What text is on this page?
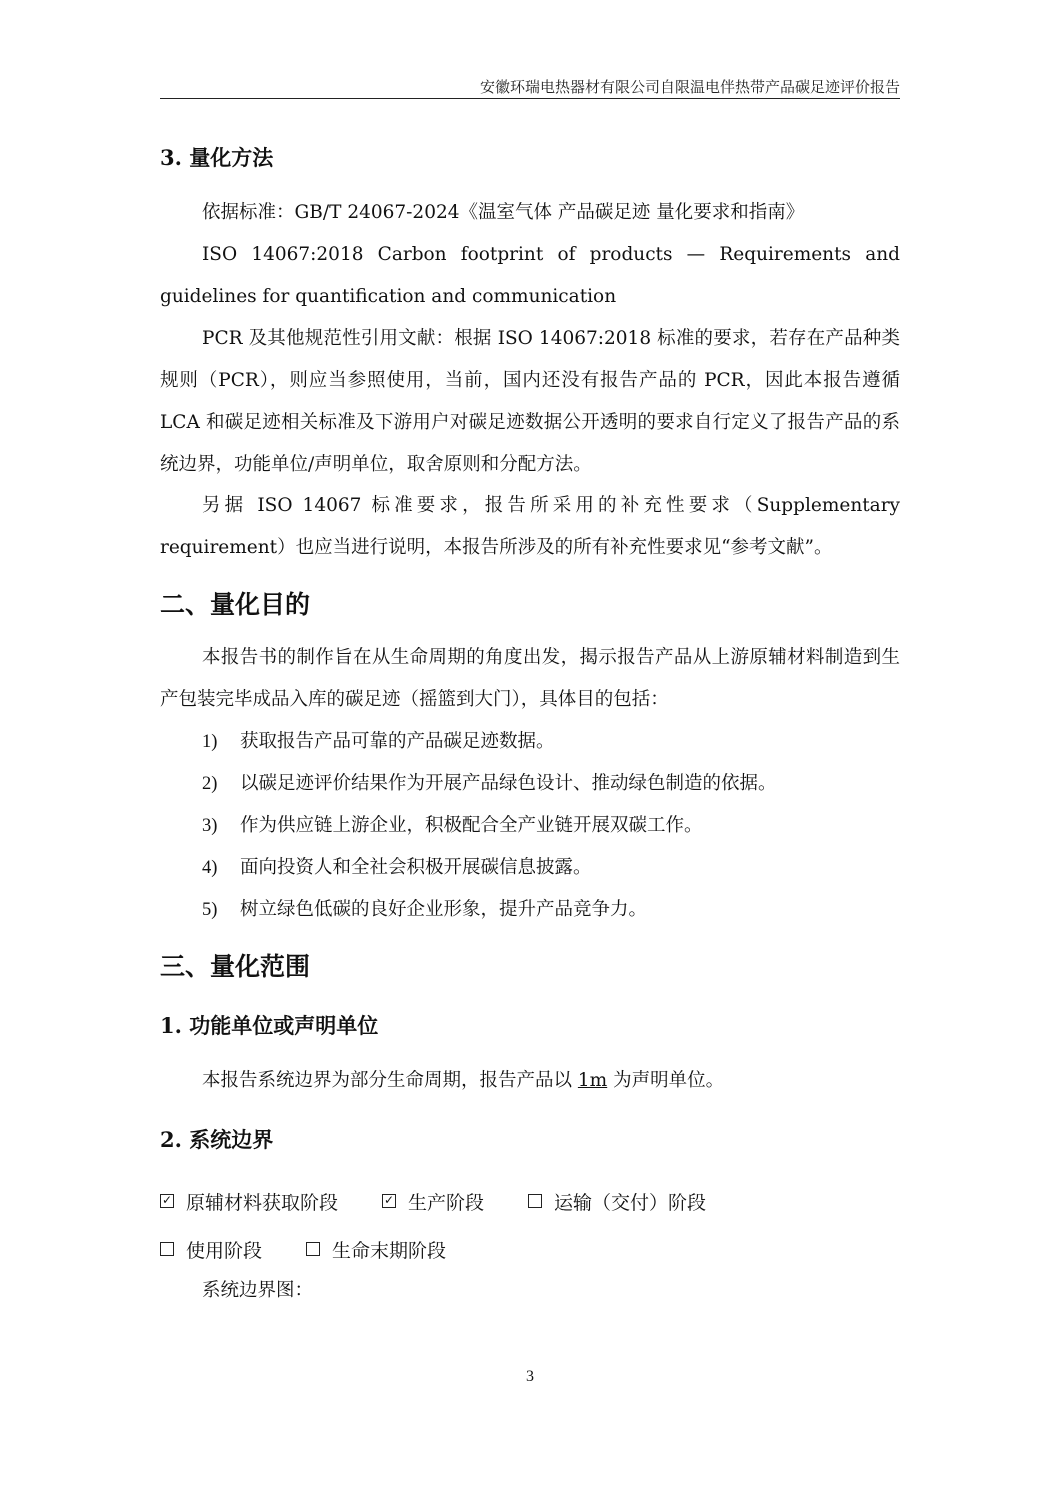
安徽环瑞电热器材有限公司自限温电伴热带产品碳足迹评价报告
3. 量化方法
依据标准：GB/T 24067-2024《温室气体 产品碳足迹 量化要求和指南》
ISO 14067:2018 Carbon footprint of products — Requirements and guidelines for quantification and communication
PCR 及其他规范性引用文献：根据 ISO 14067:2018 标准的要求，若存在产品种类规则（PCR），则应当参照使用，当前，国内还没有报告产品的 PCR，因此本报告遵循 LCA 和碳足迹相关标准及下游用户对碳足迹数据公开透明的要求自行定义了报告产品的系统边界，功能单位/声明单位，取舍原则和分配方法。
另据 ISO 14067 标准要求，报告所采用的补充性要求（Supplementary requirement）也应当进行说明，本报告所涉及的所有补充性要求见“参考文献”。
二、量化目的
本报告书的制作旨在从生命周期的角度出发，揭示报告产品从上游原辅材料制造到生产包装完毕成品入库的碳足迹（摇篮到大门），具体目的包括：
1)	获取报告产品可靠的产品碳足迹数据。
2)	以碳足迹评价结果作为开展产品绿色设计、推动绿色制造的依据。
3)	作为供应链上游企业，积极配合全产业链开展双碳工作。
4)	面向投资人和全社会积极开展碳信息披露。
5)	树立绿色低碳的良好企业形象，提升产品竞争力。
三、量化范围
1. 功能单位或声明单位
本报告系统边界为部分生命周期，报告产品以 1m 为声明单位。
2. 系统边界
✓
原辅材料获取阶段 ✓	生产阶段	运输（交付）阶段
使用阶段	生命末期阶段
系统边界图：
3
